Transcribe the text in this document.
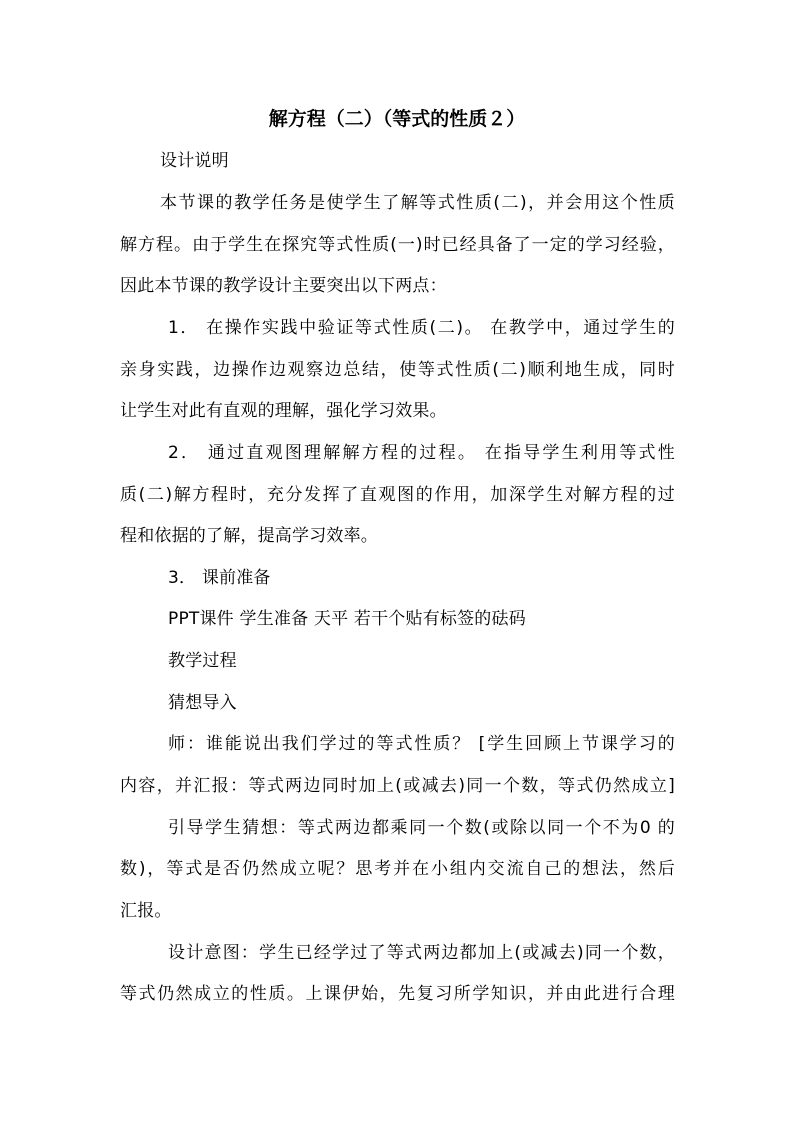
解方程（二）（等式的性质２）
设计说明
本节课的教学任务是使学生了解等式性质(二)，并会用这个性质
解方程。由于学生在探究等式性质(一)时已经具备了一定的学习经验，
因此本节课的教学设计主要突出以下两点：
1． 在操作实践中验证等式性质(二)。 在教学中，通过学生的
亲身实践，边操作边观察边总结，使等式性质(二)顺利地生成，同时
让学生对此有直观的理解，强化学习效果。
2． 通过直观图理解解方程的过程。 在指导学生利用等式性
质(二)解方程时，充分发挥了直观图的作用，加深学生对解方程的过
程和依据的了解，提高学习效率。
3． 课前准备
PPT课件 学生准备 天平 若干个贴有标签的砝码
教学过程
猜想导入
师：谁能说出我们学过的等式性质？ [学生回顾上节课学习的
内容，并汇报：等式两边同时加上(或减去)同一个数，等式仍然成立]
引导学生猜想：等式两边都乘同一个数(或除以同一个不为0 的
数)，等式是否仍然成立呢？思考并在小组内交流自己的想法，然后
汇报。
设计意图：学生已经学过了等式两边都加上(或减去)同一个数，
等式仍然成立的性质。上课伊始，先复习所学知识，并由此进行合理
